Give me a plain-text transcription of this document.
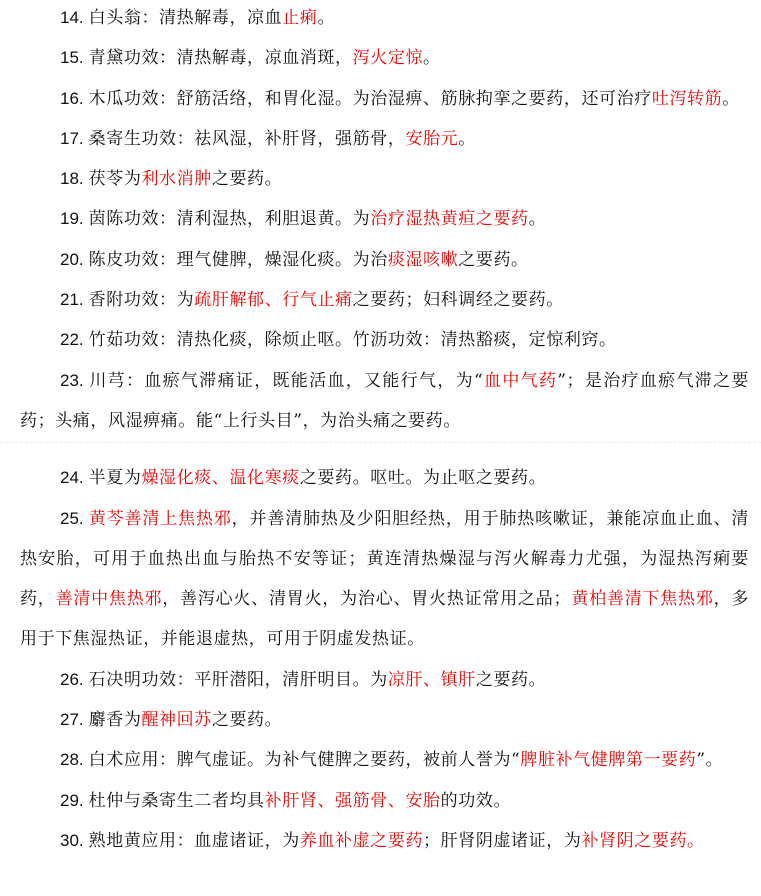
14. 白头翁：清热解毒，凉血止痢。

15. 青黛功效：清热解毒，凉血消斑，泻火定惊。

16. 木瓜功效：舒筋活络，和胃化湿。为治湿痹、筋脉拘挛之要药，还可治疗吐泻转筋。

17. 桑寄生功效：祛风湿，补肝肾，强筋骨，安胎元。

18. 茯苓为利水消肿之要药。

19. 茵陈功效：清利湿热，利胆退黄。为治疗湿热黄疸之要药。

20. 陈皮功效：理气健脾，燥湿化痰。为治痰湿咳嗽之要药。

21. 香附功效：为疏肝解郁、行气止痛之要药；妇科调经之要药。

22. 竹茹功效：清热化痰，除烦止呕。竹沥功效：清热豁痰，定惊利窍。

23. 川芎：血瘀气滞痛证，既能活血，又能行气，为“血中气药”；是治疗血瘀气滞之要药；头痛，风湿痹痛。能“上行头目”，为治头痛之要药。

24. 半夏为燥湿化痰、温化寒痰之要药。呕吐。为止呕之要药。

25. 黄芩善清上焦热邪，并善清肺热及少阳胆经热，用于肺热咳嗽证，兼能凉血止血、清热安胎，可用于血热出血与胎热不安等证；黄连清热燥湿与泻火解毒力尤强，为湿热泻痢要药，善清中焦热邪，善泻心火、清胃火，为治心、胃火热证常用之品；黄柏善清下焦热邪，多用于下焦湿热证，并能退虚热，可用于阴虚发热证。

26. 石决明功效：平肝潜阳，清肝明目。为凉肝、镇肝之要药。

27. 麝香为醒神回苏之要药。

28. 白术应用：脾气虚证。为补气健脾之要药，被前人誉为“脾脏补气健脾第一要药”。

29. 杜仲与桑寄生二者均具补肝肾、强筋骨、安胎的功效。

30. 熟地黄应用：血虚诸证，为养血补虚之要药；肝肾阴虚诸证，为补肾阴之要药。
